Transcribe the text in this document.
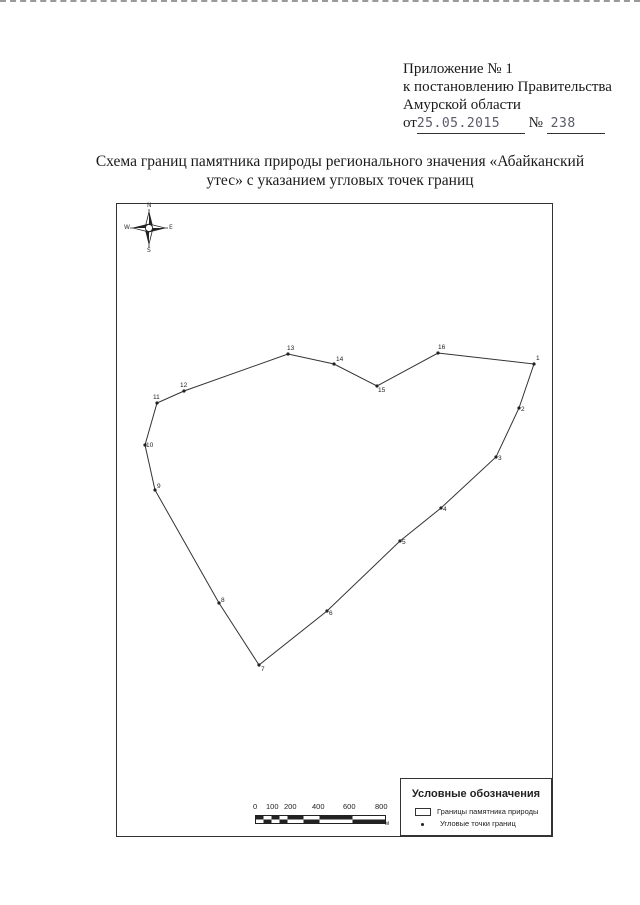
Приложение № 1
к постановлению Правительства
Амурской области
от25.05.2015 № 238
Схема границ памятника природы регионального значения «Абайканский
утес» с указанием угловых точек границ
1
2
3
4
5
6
7
8
9
10
11
12
13
14
15
16
N
S
E
W
0 100 200 400 600	800
м
Условные обозначения
Границы памятника природы
Угловые точки границ
